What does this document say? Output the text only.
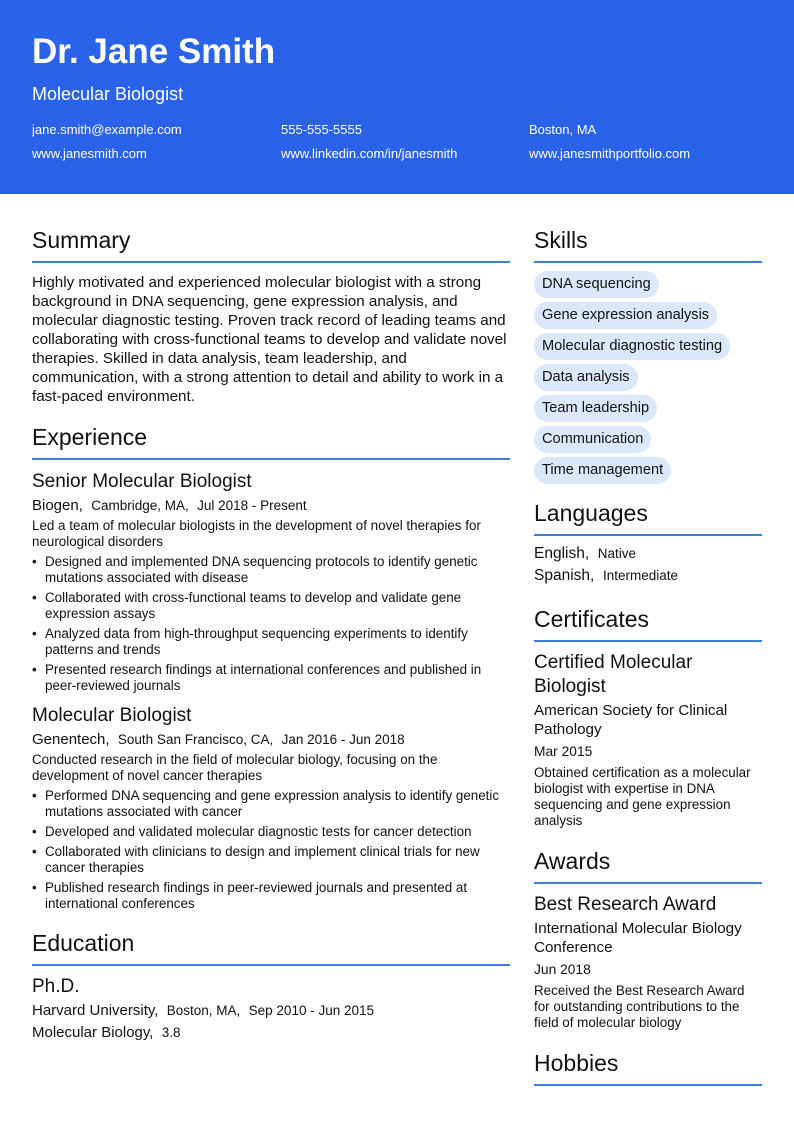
Dr. Jane Smith
Molecular Biologist
jane.smith@example.com	555-555-5555	Boston, MA
www.janesmith.com	www.linkedin.com/in/janesmith	www.janesmithportfolio.com
Summary
Highly motivated and experienced molecular biologist with a strong background in DNA sequencing, gene expression analysis, and molecular diagnostic testing. Proven track record of leading teams and collaborating with cross-functional teams to develop and validate novel therapies. Skilled in data analysis, team leadership, and communication, with a strong attention to detail and ability to work in a fast-paced environment.
Experience
Senior Molecular Biologist
Biogen, Cambridge, MA, Jul 2018 - Present
Led a team of molecular biologists in the development of novel therapies for neurological disorders
• Designed and implemented DNA sequencing protocols to identify genetic mutations associated with disease
• Collaborated with cross-functional teams to develop and validate gene expression assays
• Analyzed data from high-throughput sequencing experiments to identify patterns and trends
• Presented research findings at international conferences and published in peer-reviewed journals
Molecular Biologist
Genentech, South San Francisco, CA, Jan 2016 - Jun 2018
Conducted research in the field of molecular biology, focusing on the development of novel cancer therapies
• Performed DNA sequencing and gene expression analysis to identify genetic mutations associated with cancer
• Developed and validated molecular diagnostic tests for cancer detection
• Collaborated with clinicians to design and implement clinical trials for new cancer therapies
• Published research findings in peer-reviewed journals and presented at international conferences
Education
Ph.D.
Harvard University, Boston, MA, Sep 2010 - Jun 2015
Molecular Biology, 3.8
Skills
DNA sequencing
Gene expression analysis
Molecular diagnostic testing
Data analysis
Team leadership
Communication
Time management
Languages
English, Native
Spanish, Intermediate
Certificates
Certified Molecular Biologist
American Society for Clinical Pathology
Mar 2015
Obtained certification as a molecular biologist with expertise in DNA sequencing and gene expression analysis
Awards
Best Research Award
International Molecular Biology Conference
Jun 2018
Received the Best Research Award for outstanding contributions to the field of molecular biology
Hobbies
